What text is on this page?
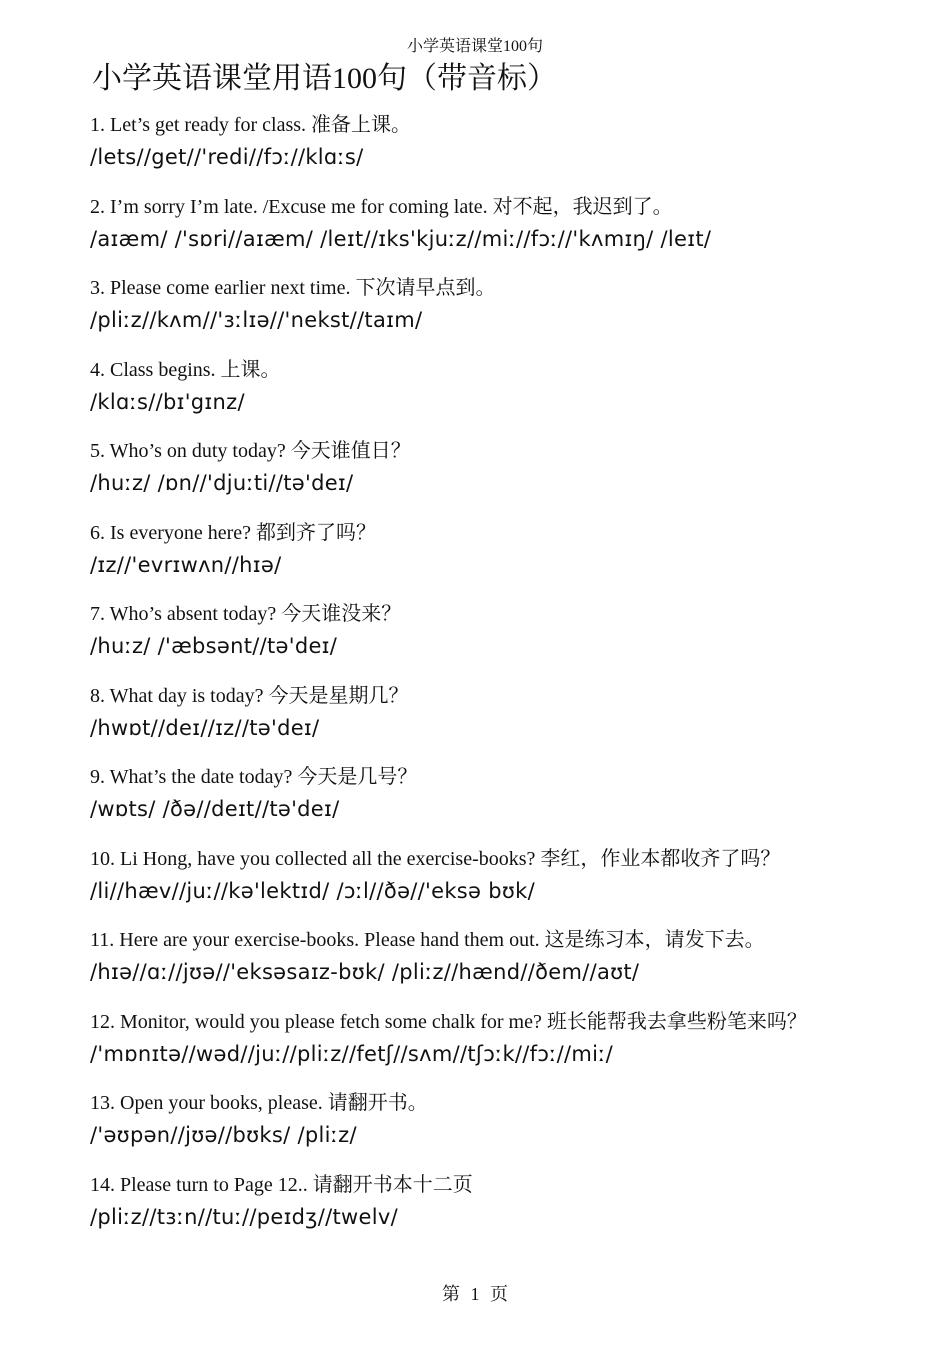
小学英语课堂100句
小学英语课堂用语100句（带音标）
1. Let’s get ready for class. 准备上课。
/lets//get//'redi//fɔː//klɑːs/
2. I’m sorry I’m late. /Excuse me for coming late. 对不起，我迟到了。
/aɪæm/ /'sɒri//aɪæm/ /leɪt//ɪks'kjuːz//miː//fɔː//'kʌmɪŋ/ /leɪt/
3. Please come earlier next time. 下次请早点到。
/pliːz//kʌm//'ɜːlɪə//'nekst//taɪm/
4. Class begins. 上课。
/klɑːs//bɪ'gɪnz/
5. Who’s on duty today? 今天谁值日？
/huːz/ /ɒn//'djuːti//tə'deɪ/
6. Is everyone here? 都到齐了吗？
/ɪz//'evrɪwʌn//hɪə/
7. Who’s absent today? 今天谁没来？
/huːz/ /'æbsənt//tə'deɪ/
8. What day is today? 今天是星期几？
/hwɒt//deɪ//ɪz//tə'deɪ/
9. What’s the date today? 今天是几号？
/wɒts/ /ðə//deɪt//tə'deɪ/
10. Li Hong, have you collected all the exercise-books? 李红，作业本都收齐了吗？
/li//hæv//juː//kə'lektɪd/ /ɔːl//ðə//'eksə bʊk/
11. Here are your exercise-books. Please hand them out. 这是练习本，请发下去。
/hɪə//ɑː//jʊə//'eksəsaɪz-bʊk/ /pliːz//hænd//ðem//aʊt/
12. Monitor, would you please fetch some chalk for me? 班长能帮我去拿些粉笔来吗？
/'mɒnɪtə//wəd//juː//pliːz//fetʃ//sʌm//tʃɔːk//fɔː//miː/
13. Open your books, please. 请翻开书。
/'əʊpən//jʊə//bʊks/ /pliːz/
14. Please turn to Page 12.. 请翻开书本十二页
/pliːz//tɜːn//tuː//peɪdʒ//twelv/
第 1 页
